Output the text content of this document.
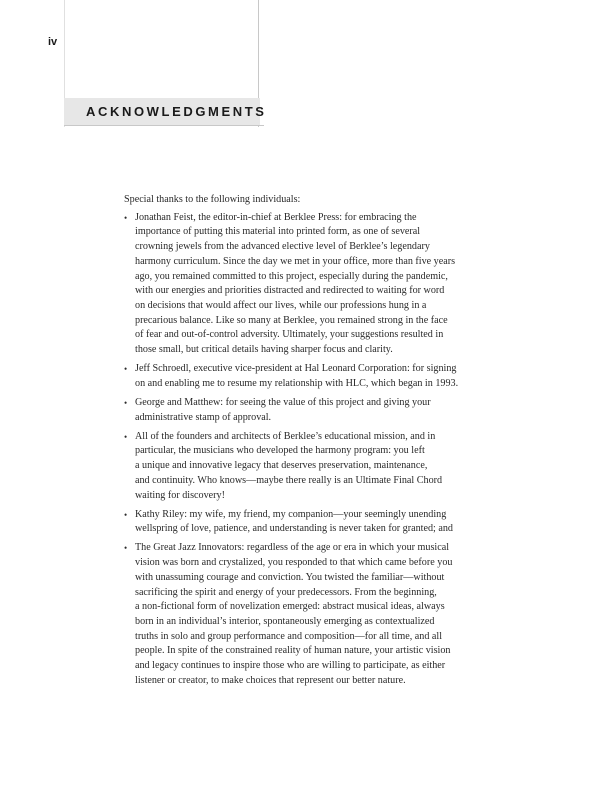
iv
ACKNOWLEDGMENTS

Special thanks to the following individuals:

• Jonathan Feist, the editor-in-chief at Berklee Press: for embracing the
importance of putting this material into printed form, as one of several
crowning jewels from the advanced elective level of Berklee’s legendary
harmony curriculum. Since the day we met in your office, more than five years
ago, you remained committed to this project, especially during the pandemic,
with our energies and priorities distracted and redirected to waiting for word
on decisions that would affect our lives, while our professions hung in a
precarious balance. Like so many at Berklee, you remained strong in the face
of fear and out-of-control adversity. Ultimately, your suggestions resulted in
those small, but critical details having sharper focus and clarity.
• Jeff Schroedl, executive vice-president at Hal Leonard Corporation: for signing
on and enabling me to resume my relationship with HLC, which began in 1993.
• George and Matthew: for seeing the value of this project and giving your
administrative stamp of approval.
• All of the founders and architects of Berklee’s educational mission, and in
particular, the musicians who developed the harmony program: you left
a unique and innovative legacy that deserves preservation, maintenance,
and continuity. Who knows—maybe there really is an Ultimate Final Chord
waiting for discovery!
• Kathy Riley: my wife, my friend, my companion—your seemingly unending
wellspring of love, patience, and understanding is never taken for granted; and
• The Great Jazz Innovators: regardless of the age or era in which your musical
vision was born and crystalized, you responded to that which came before you
with unassuming courage and conviction. You twisted the familiar—without
sacrificing the spirit and energy of your predecessors. From the beginning,
a non-fictional form of novelization emerged: abstract musical ideas, always
born in an individual’s interior, spontaneously emerging as contextualized
truths in solo and group performance and composition—for all time, and all
people. In spite of the constrained reality of human nature, your artistic vision
and legacy continues to inspire those who are willing to participate, as either
listener or creator, to make choices that represent our better nature.
